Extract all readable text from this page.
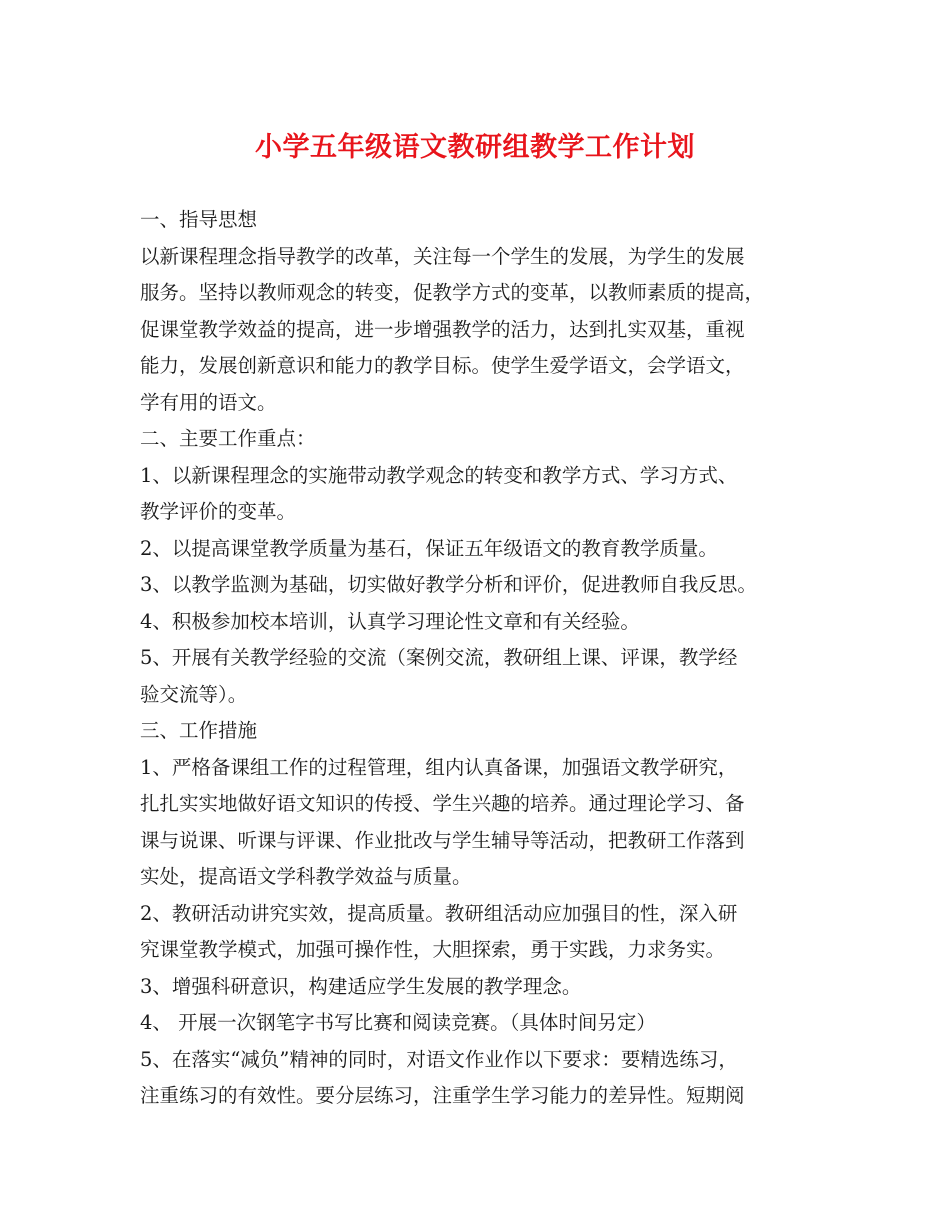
小学五年级语文教研组教学工作计划
一、指导思想
以新课程理念指导教学的改革，关注每一个学生的发展，为学生的发展
服务。坚持以教师观念的转变，促教学方式的变革，以教师素质的提高，
促课堂教学效益的提高，进一步增强教学的活力，达到扎实双基，重视
能力，发展创新意识和能力的教学目标。使学生爱学语文，会学语文，
学有用的语文。
二、主要工作重点：
1、以新课程理念的实施带动教学观念的转变和教学方式、学习方式、
教学评价的变革。
2、以提高课堂教学质量为基石，保证五年级语文的教育教学质量。
3、以教学监测为基础，切实做好教学分析和评价，促进教师自我反思。
4、积极参加校本培训，认真学习理论性文章和有关经验。
5、开展有关教学经验的交流（案例交流，教研组上课、评课，教学经
验交流等）。
三、工作措施
1、严格备课组工作的过程管理，组内认真备课，加强语文教学研究，
扎扎实实地做好语文知识的传授、学生兴趣的培养。通过理论学习、备
课与说课、听课与评课、作业批改与学生辅导等活动，把教研工作落到
实处，提高语文学科教学效益与质量。
2、教研活动讲究实效，提高质量。教研组活动应加强目的性，深入研
究课堂教学模式，加强可操作性，大胆探索，勇于实践，力求务实。
3、增强科研意识，构建适应学生发展的教学理念。
4、 开展一次钢笔字书写比赛和阅读竞赛。（具体时间另定）
5、在落实“减负”精神的同时，对语文作业作以下要求：要精选练习，
注重练习的有效性。要分层练习，注重学生学习能力的差异性。短期阅
